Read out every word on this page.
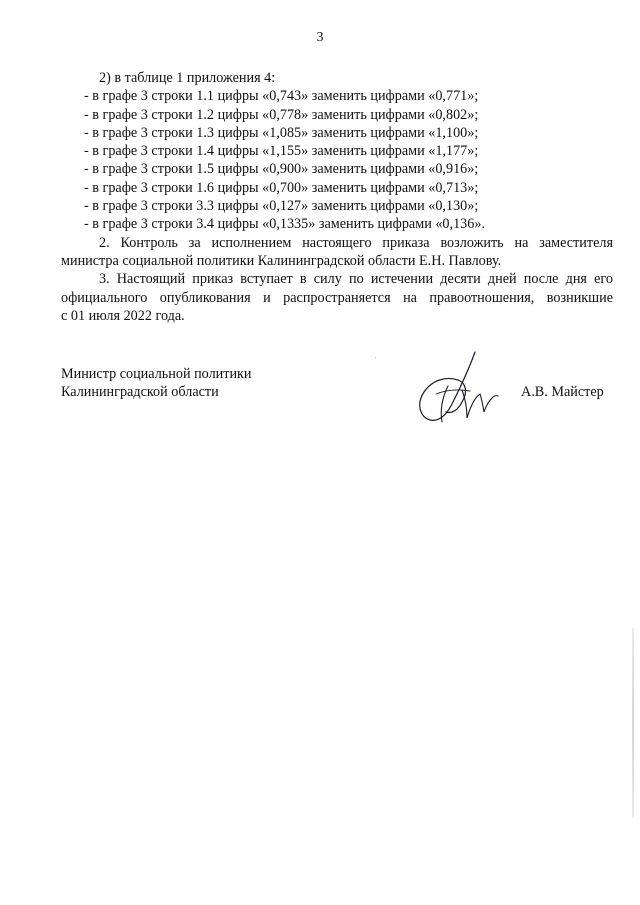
3
2) в таблице 1 приложения 4:
- в графе 3 строки 1.1 цифры «0,743» заменить цифрами «0,771»;
- в графе 3 строки 1.2 цифры «0,778» заменить цифрами «0,802»;
- в графе 3 строки 1.3 цифры «1,085» заменить цифрами «1,100»;
- в графе 3 строки 1.4 цифры «1,155» заменить цифрами «1,177»;
- в графе 3 строки 1.5 цифры «0,900» заменить цифрами «0,916»;
- в графе 3 строки 1.6 цифры «0,700» заменить цифрами «0,713»;
- в графе 3 строки 3.3 цифры «0,127» заменить цифрами «0,130»;
- в графе 3 строки 3.4 цифры «0,1335» заменить цифрами «0,136».
2. Контроль за исполнением настоящего приказа возложить на заместителя
министра социальной политики Калининградской области Е.Н. Павлову.
3. Настоящий приказ вступает в силу по истечении десяти дней после дня его
официального опубликования и распространяется на правоотношения, возникшие
с 01 июля 2022 года.
Министр социальной политики
Калининградской области	А.В. Майстер
